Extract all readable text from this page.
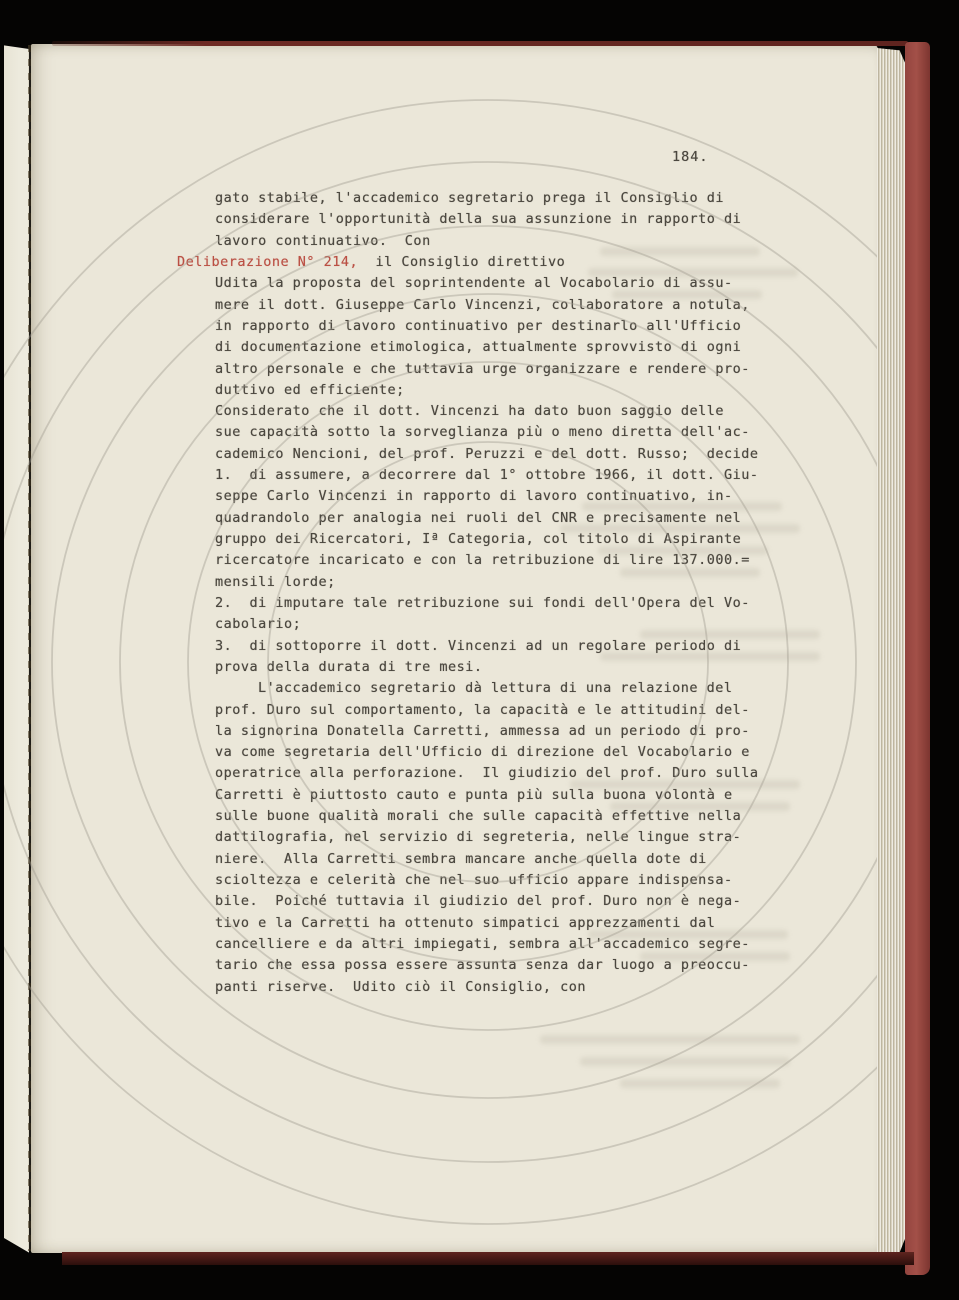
184.
gato stabile, l'accademico segretario prega il Consiglio di
considerare l'opportunità della sua assunzione in rapporto di
lavoro continuativo.  Con
Deliberazione N° 214,  il Consiglio direttivo
Udita la proposta del soprintendente al Vocabolario di assu-
mere il dott. Giuseppe Carlo Vincenzi, collaboratore a notula,
in rapporto di lavoro continuativo per destinarlo all'Ufficio
di documentazione etimologica, attualmente sprovvisto di ogni
altro personale e che tuttavia urge organizzare e rendere pro-
duttivo ed efficiente;
Considerato che il dott. Vincenzi ha dato buon saggio delle
sue capacità sotto la sorveglianza più o meno diretta dell'ac-
cademico Nencioni, del prof. Peruzzi e del dott. Russo;  decide
1.  di assumere, a decorrere dal 1° ottobre 1966, il dott. Giu-
seppe Carlo Vincenzi in rapporto di lavoro continuativo, in-
quadrandolo per analogia nei ruoli del CNR e precisamente nel
gruppo dei Ricercatori, Iª Categoria, col titolo di Aspirante
ricercatore incaricato e con la retribuzione di lire 137.000.=
mensili lorde;
2.  di imputare tale retribuzione sui fondi dell'Opera del Vo-
cabolario;
3.  di sottoporre il dott. Vincenzi ad un regolare periodo di
prova della durata di tre mesi.
L'accademico segretario dà lettura di una relazione del
prof. Duro sul comportamento, la capacità e le attitudini del-
la signorina Donatella Carretti, ammessa ad un periodo di pro-
va come segretaria dell'Ufficio di direzione del Vocabolario e
operatrice alla perforazione.  Il giudizio del prof. Duro sulla
Carretti è piuttosto cauto e punta più sulla buona volontà e
sulle buone qualità morali che sulle capacità effettive nella
dattilografia, nel servizio di segreteria, nelle lingue stra-
niere.  Alla Carretti sembra mancare anche quella dote di
scioltezza e celerità che nel suo ufficio appare indispensa-
bile.  Poiché tuttavia il giudizio del prof. Duro non è nega-
tivo e la Carretti ha ottenuto simpatici apprezzamenti dal
cancelliere e da altri impiegati, sembra all'accademico segre-
tario che essa possa essere assunta senza dar luogo a preoccu-
panti riserve.  Udito ciò il Consiglio, con
